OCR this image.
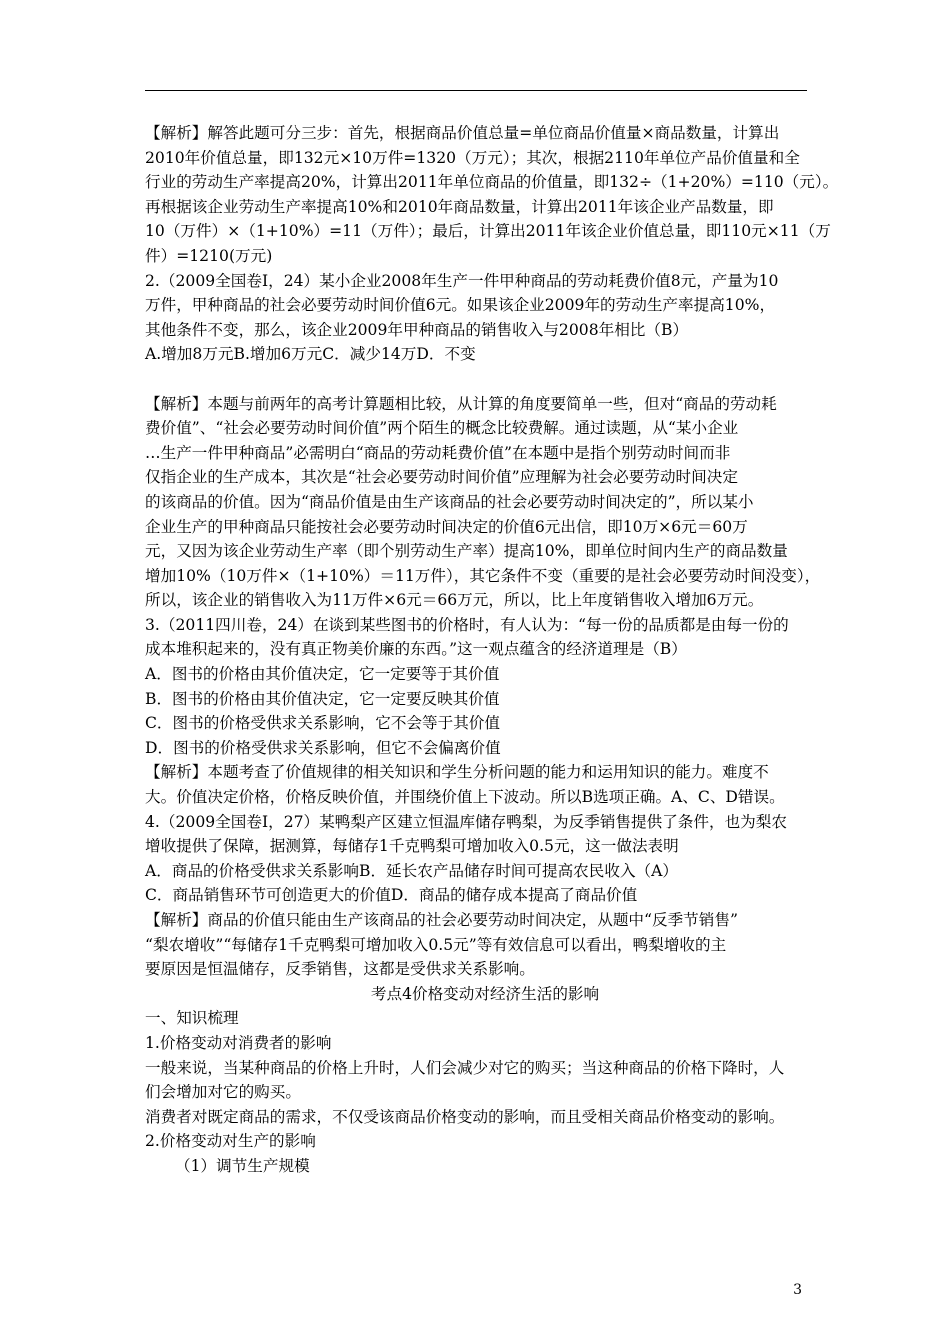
【解析】解答此题可分三步：首先，根据商品价值总量=单位商品价值量×商品数量，计算出

2010年价值总量，即132元×10万件=1320（万元）；其次，根据2110年单位产品价值量和全

行业的劳动生产率提高20%，计算出2011年单位商品的价值量，即132÷（1+20%）=110（元）。

再根据该企业劳动生产率提高10%和2010年商品数量，计算出2011年该企业产品数量，即

10（万件）×（1+10%）=11（万件）；最后，计算出2011年该企业价值总量，即110元×11（万

件）=1210(万元)

2.（2009全国卷Ⅰ，24）某小企业2008年生产一件甲种商品的劳动耗费价值8元，产量为10

万件，甲种商品的社会必要劳动时间价值6元。如果该企业2009年的劳动生产率提高10%，

其他条件不变，那么，该企业2009年甲种商品的销售收入与2008年相比（B）

A.增加8万元B.增加6万元C．减少14万D．不变

【解析】本题与前两年的高考计算题相比较，从计算的角度要简单一些，但对“商品的劳动耗

费价值”、“社会必要劳动时间价值”两个陌生的概念比较费解。通过读题，从“某小企业

…生产一件甲种商品”必需明白“商品的劳动耗费价值”在本题中是指个别劳动时间而非

仅指企业的生产成本，其次是“社会必要劳动时间价值”应理解为社会必要劳动时间决定

的该商品的价值。因为“商品价值是由生产该商品的社会必要劳动时间决定的”，所以某小

企业生产的甲种商品只能按社会必要劳动时间决定的价值6元出信，即10万×6元＝60万

元，又因为该企业劳动生产率（即个别劳动生产率）提高10%，即单位时间内生产的商品数量

增加10%（10万件×（1+10%）＝11万件），其它条件不变（重要的是社会必要劳动时间没变），

所以，该企业的销售收入为11万件×6元＝66万元，所以，比上年度销售收入增加6万元。

3.（2011四川卷，24）在谈到某些图书的价格时，有人认为：“每一份的品质都是由每一份的

成本堆积起来的，没有真正物美价廉的东西。”这一观点蕴含的经济道理是（B）

A．图书的价格由其价值决定，它一定要等于其价值

B．图书的价格由其价值决定，它一定要反映其价值

C．图书的价格受供求关系影响，它不会等于其价值

D．图书的价格受供求关系影响，但它不会偏离价值

【解析】本题考查了价值规律的相关知识和学生分析问题的能力和运用知识的能力。难度不

大。价值决定价格，价格反映价值，并围绕价值上下波动。所以B选项正确。A、C、D错误。

4.（2009全国卷Ⅰ，27）某鸭梨产区建立恒温库储存鸭梨，为反季销售提供了条件，也为梨农

增收提供了保障，据测算，每储存1千克鸭梨可增加收入0.5元，这一做法表明

A．商品的价格受供求关系影响B．延长农产品储存时间可提高农民收入（A）

C．商品销售环节可创造更大的价值D．商品的储存成本提高了商品价值

【解析】商品的价值只能由生产该商品的社会必要劳动时间决定，从题中“反季节销售”

“梨农增收”“每储存1千克鸭梨可增加收入0.5元”等有效信息可以看出，鸭梨增收的主

要原因是恒温储存，反季销售，这都是受供求关系影响。

考点4价格变动对经济生活的影响

一、知识梳理

1.价格变动对消费者的影响

一般来说，当某种商品的价格上升时，人们会减少对它的购买；当这种商品的价格下降时，人

们会增加对它的购买。

消费者对既定商品的需求，不仅受该商品价格变动的影响，而且受相关商品价格变动的影响。

2.价格变动对生产的影响

（1）调节生产规模

3
